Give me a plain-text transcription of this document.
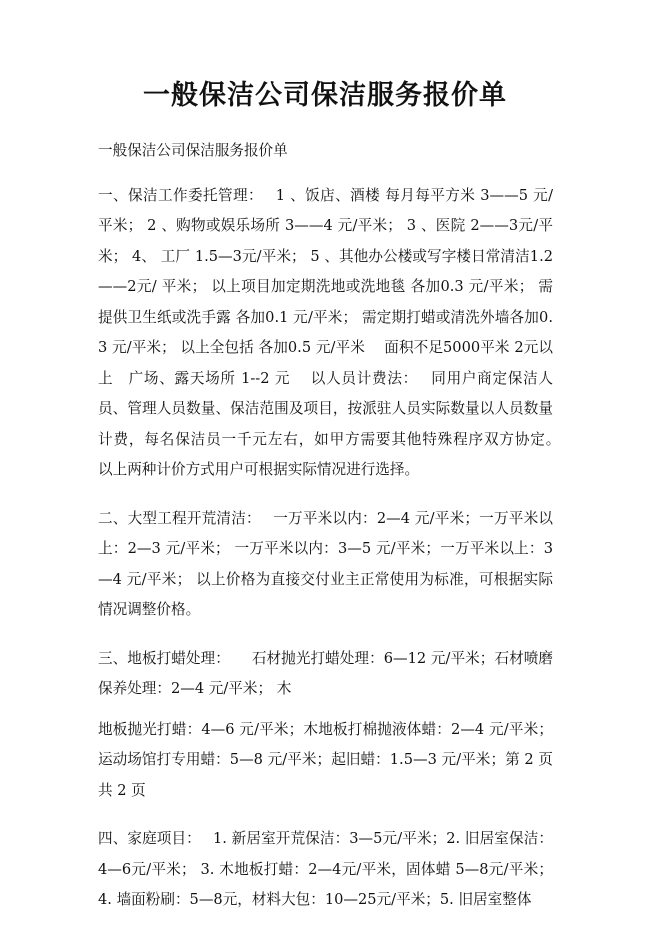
一般保洁公司保洁服务报价单

一般保洁公司保洁服务报价单

一、保洁工作委托管理：　 1 、饭店、酒楼 每月每平方米 3——5 元/平米； 2 、购物或娱乐场所 3——4 元/平米； 3 、医院 2——3元/平米； 4、 工厂 1.5—3元/平米； 5 、其他办公楼或写字楼日常清洁1.2 ——2元/ 平米； 以上项目加定期洗地或洗地毯 各加0.3 元/平米； 需提供卫生纸或洗手露 各加0.1 元/平米； 需定期打蜡或清洗外墙各加0.3 元/平米； 以上全包括 各加0.5 元/平米　 面积不足5000平米 2元以上　广场、露天场所 1--2 元　 以人员计费法：　 同用户商定保洁人员、管理人员数量、保洁范围及项目，按派驻人员实际数量以人员数量计费，每名保洁员一千元左右，如甲方需要其他特殊程序双方协定。　 以上两种计价方式用户可根据实际情况进行选择。

二、大型工程开荒清洁：　 一万平米以内：2—4 元/平米；一万平米以上：2—3 元/平米； 一万平米以内：3—5 元/平米；一万平米以上：3—4 元/平米； 以上价格为直接交付业主正常使用为标准，可根据实际情况调整价格。

三、地板打蜡处理：　　石材抛光打蜡处理：6—12 元/平米；石材喷磨保养处理：2—4 元/平米； 木

地板抛光打蜡：4—6 元/平米；木地板打棉抛液体蜡：2—4 元/平米；运动场馆打专用蜡：5—8 元/平米；起旧蜡：1.5—3 元/平米；第 2 页 共 2 页

四、家庭项目：　 1. 新居室开荒保洁：3—5元/平米；2. 旧居室保洁：4—6元/平米； 3. 木地板打蜡：2—4元/平米，固体蜡 5—8元/平米；4. 墙面粉刷：5—8元，材料大包：10—25元/平米；5. 旧居室整体
